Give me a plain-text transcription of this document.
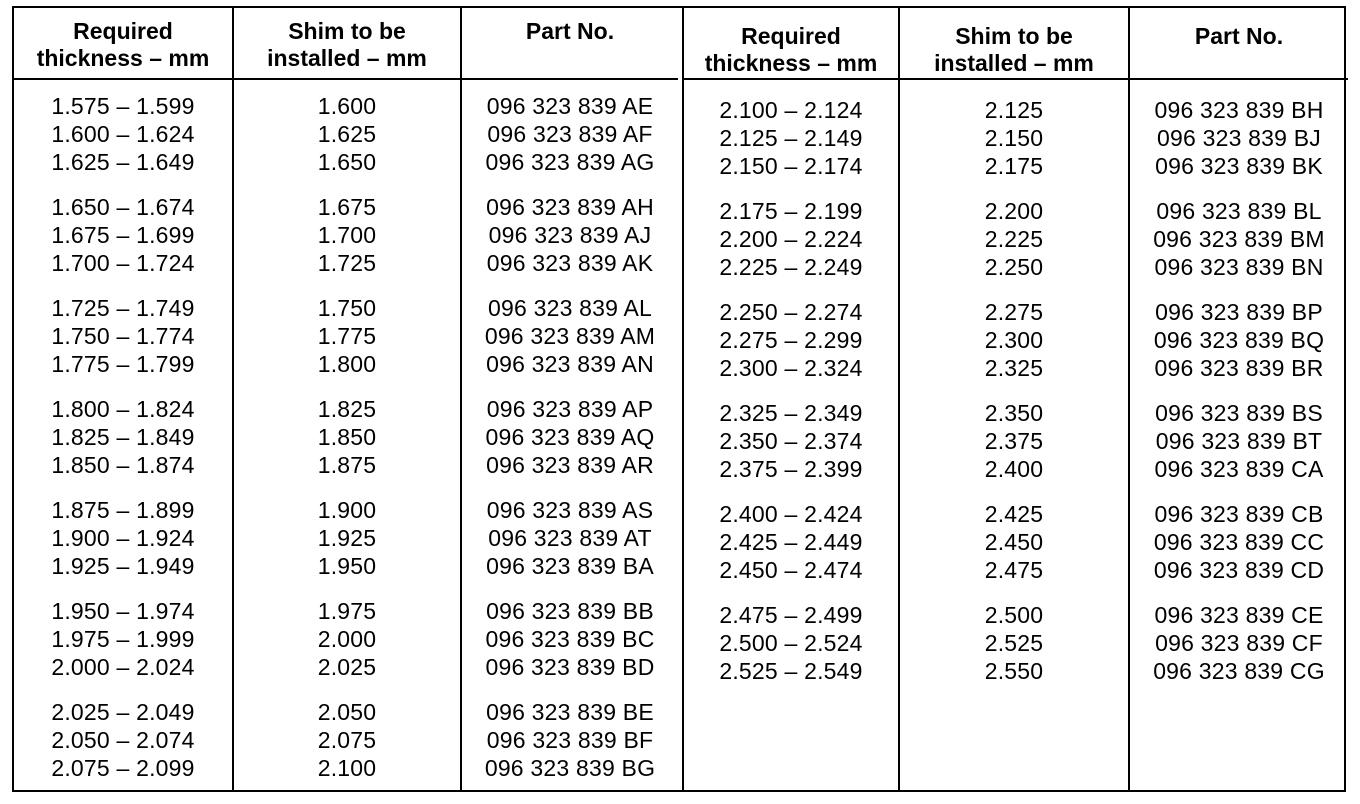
Required
thickness – mm
1.575 – 1.599
1.600 – 1.624
1.625 – 1.649
1.650 – 1.674
1.675 – 1.699
1.700 – 1.724
1.725 – 1.749
1.750 – 1.774
1.775 – 1.799
1.800 – 1.824
1.825 – 1.849
1.850 – 1.874
1.875 – 1.899
1.900 – 1.924
1.925 – 1.949
1.950 – 1.974
1.975 – 1.999
2.000 – 2.024
2.025 – 2.049
2.050 – 2.074
2.075 – 2.099
Shim to be
installed – mm
1.600
1.625
1.650
1.675
1.700
1.725
1.750
1.775
1.800
1.825
1.850
1.875
1.900
1.925
1.950
1.975
2.000
2.025
2.050
2.075
2.100
Part No.
096 323 839 AE
096 323 839 AF
096 323 839 AG
096 323 839 AH
096 323 839 AJ
096 323 839 AK
096 323 839 AL
096 323 839 AM
096 323 839 AN
096 323 839 AP
096 323 839 AQ
096 323 839 AR
096 323 839 AS
096 323 839 AT
096 323 839 BA
096 323 839 BB
096 323 839 BC
096 323 839 BD
096 323 839 BE
096 323 839 BF
096 323 839 BG
Required
thickness – mm
2.100 – 2.124
2.125 – 2.149
2.150 – 2.174
2.175 – 2.199
2.200 – 2.224
2.225 – 2.249
2.250 – 2.274
2.275 – 2.299
2.300 – 2.324
2.325 – 2.349
2.350 – 2.374
2.375 – 2.399
2.400 – 2.424
2.425 – 2.449
2.450 – 2.474
2.475 – 2.499
2.500 – 2.524
2.525 – 2.549
Shim to be
installed – mm
2.125
2.150
2.175
2.200
2.225
2.250
2.275
2.300
2.325
2.350
2.375
2.400
2.425
2.450
2.475
2.500
2.525
2.550
Part No.
096 323 839 BH
096 323 839 BJ
096 323 839 BK
096 323 839 BL
096 323 839 BM
096 323 839 BN
096 323 839 BP
096 323 839 BQ
096 323 839 BR
096 323 839 BS
096 323 839 BT
096 323 839 CA
096 323 839 CB
096 323 839 CC
096 323 839 CD
096 323 839 CE
096 323 839 CF
096 323 839 CG
